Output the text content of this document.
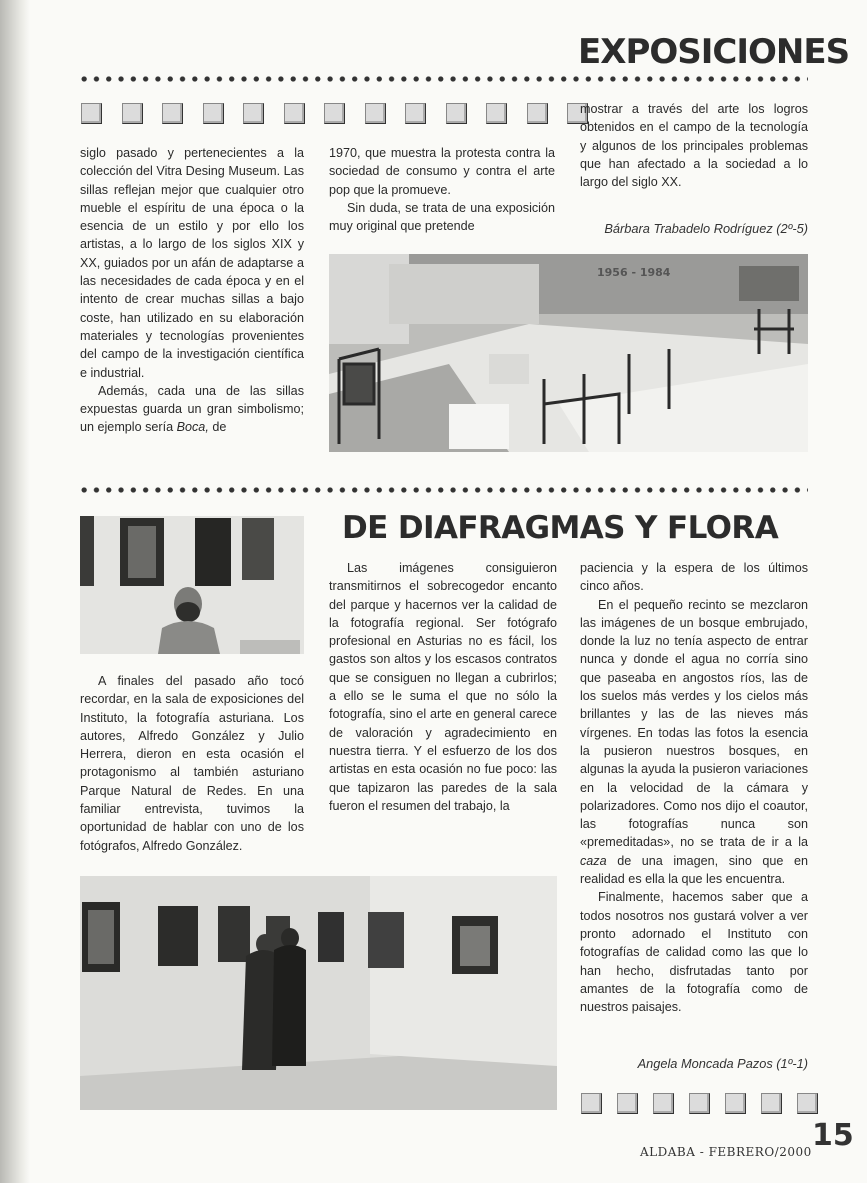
EXPOSICIONES

siglo pasado y pertenecientes a la colección del Vitra Desing Museum. Las sillas reflejan mejor que cualquier otro mueble el espíritu de una época o la esencia de un estilo y por ello los artistas, a lo largo de los siglos XIX y XX, guiados por un afán de adaptarse a las necesidades de cada época y en el intento de crear muchas sillas a bajo coste, han utilizado en su elaboración materiales y tecnologías provenientes del campo de la investigación científica e industrial.

Además, cada una de las sillas expuestas guarda un gran simbolismo; un ejemplo sería Boca, de

1970, que muestra la protesta contra la sociedad de consumo y contra el arte pop que la promueve.

Sin duda, se trata de una exposición muy original que pretende

mostrar a través del arte los logros obtenidos en el campo de la tecnología y algunos de los principales problemas que han afectado a la sociedad a lo largo del siglo XX.

Bárbara Trabadelo Rodríguez (2º-5)
1956 - 1984
DE DIAFRAGMAS Y FLORA

A finales del pasado año tocó recordar, en la sala de exposiciones del Instituto, la fotografía asturiana. Los autores, Alfredo González y Julio Herrera, dieron en esta ocasión el protagonismo al también asturiano Parque Natural de Redes. En una familiar entrevista, tuvimos la oportunidad de hablar con uno de los fotógrafos, Alfredo González.

Las imágenes consiguieron transmitirnos el sobrecogedor encanto del parque y hacernos ver la calidad de la fotografía regional. Ser fotógrafo profesional en Asturias no es fácil, los gastos son altos y los escasos contratos que se consiguen no llegan a cubrirlos; a ello se le suma el que no sólo la fotografía, sino el arte en general carece de valoración y agradecimiento en nuestra tierra. Y el esfuerzo de los dos artistas en esta ocasión no fue poco: las que tapizaron las paredes de la sala fueron el resumen del trabajo, la

paciencia y la espera de los últimos cinco años.

En el pequeño recinto se mezclaron las imágenes de un bosque embrujado, donde la luz no tenía aspecto de entrar nunca y donde el agua no corría sino que paseaba en angostos ríos, las de los suelos más verdes y los cielos más brillantes y las de las nieves más vírgenes. En todas las fotos la esencia la pusieron nuestros bosques, en algunas la ayuda la pusieron variaciones en la velocidad de la cámara y polarizadores. Como nos dijo el coautor, las fotografías nunca son «premeditadas», no se trata de ir a la caza de una imagen, sino que en realidad es ella la que les encuentra.

Finalmente, hacemos saber que a todos nosotros nos gustará volver a ver pronto adornado el Instituto con fotografías de calidad como las que lo han hecho, disfrutadas tanto por amantes de la fotografía como de nuestros paisajes.

Angela Moncada Pazos (1º-1)
ALDABA - FEBRERO/2000 15
